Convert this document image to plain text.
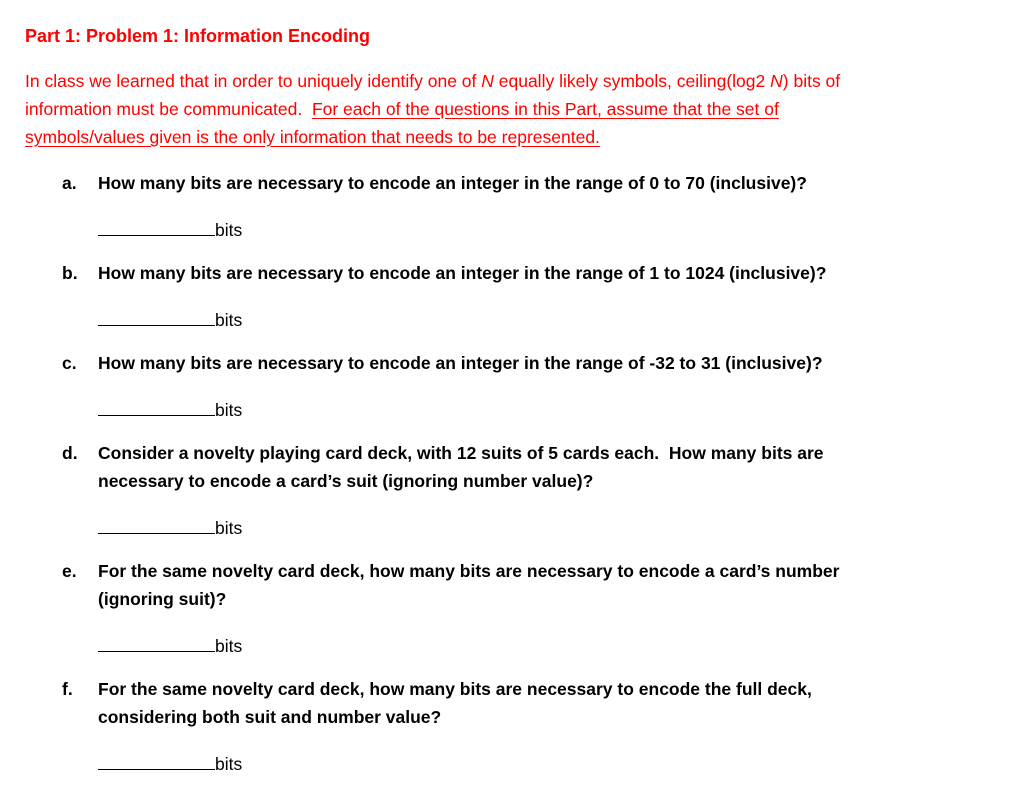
Part 1: Problem 1: Information Encoding
In class we learned that in order to uniquely identify one of N equally likely symbols, ceiling(log2 N) bits of
information must be communicated.  For each of the questions in this Part, assume that the set of
symbols/values given is the only information that needs to be represented.
a.	How many bits are necessary to encode an integer in the range of 0 to 70 (inclusive)?
bits
b.	How many bits are necessary to encode an integer in the range of 1 to 1024 (inclusive)?
bits
c.	How many bits are necessary to encode an integer in the range of -32 to 31 (inclusive)?
bits
d.	Consider a novelty playing card deck, with 12 suits of 5 cards each.  How many bits are
necessary to encode a card’s suit (ignoring number value)?
bits
e.	For the same novelty card deck, how many bits are necessary to encode a card’s number
(ignoring suit)?
bits
f.	For the same novelty card deck, how many bits are necessary to encode the full deck,
considering both suit and number value?
bits
